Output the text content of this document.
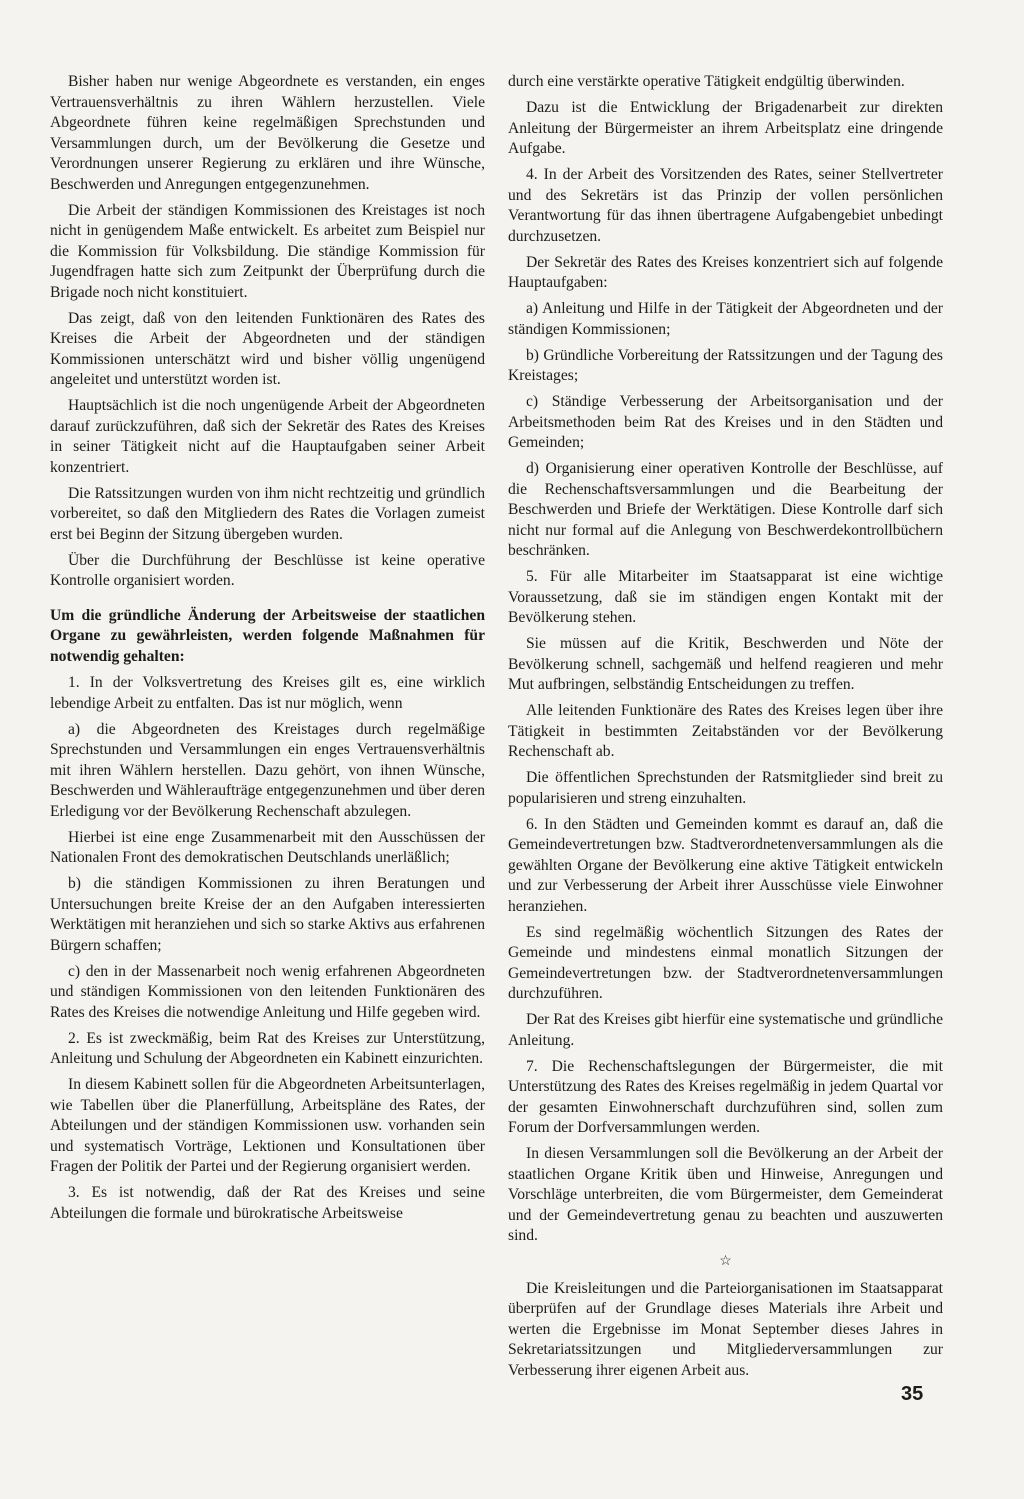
Bisher haben nur wenige Abgeordnete es verstanden, ein enges Vertrauensverhältnis zu ihren Wählern herzustellen. Viele Abgeordnete führen keine regelmäßigen Sprechstunden und Versammlungen durch, um der Bevölkerung die Gesetze und Verordnungen unserer Regierung zu erklären und ihre Wünsche, Beschwerden und Anregungen entgegenzunehmen.

Die Arbeit der ständigen Kommissionen des Kreistages ist noch nicht in genügendem Maße entwickelt. Es arbeitet zum Beispiel nur die Kommission für Volksbildung. Die ständige Kommission für Jugendfragen hatte sich zum Zeitpunkt der Überprüfung durch die Brigade noch nicht konstituiert.

Das zeigt, daß von den leitenden Funktionären des Rates des Kreises die Arbeit der Abgeordneten und der ständigen Kommissionen unterschätzt wird und bisher völlig ungenügend angeleitet und unterstützt worden ist.

Hauptsächlich ist die noch ungenügende Arbeit der Abgeordneten darauf zurückzuführen, daß sich der Sekretär des Rates des Kreises in seiner Tätigkeit nicht auf die Hauptaufgaben seiner Arbeit konzentriert.

Die Ratssitzungen wurden von ihm nicht rechtzeitig und gründlich vorbereitet, so daß den Mitgliedern des Rates die Vorlagen zumeist erst bei Beginn der Sitzung übergeben wurden.

Über die Durchführung der Beschlüsse ist keine operative Kontrolle organisiert worden.

Um die gründliche Änderung der Arbeitsweise der staatlichen Organe zu gewährleisten, werden folgende Maßnahmen für notwendig gehalten:

1. In der Volksvertretung des Kreises gilt es, eine wirklich lebendige Arbeit zu entfalten. Das ist nur möglich, wenn

a) die Abgeordneten des Kreistages durch regelmäßige Sprechstunden und Versammlungen ein enges Vertrauensverhältnis mit ihren Wählern herstellen. Dazu gehört, von ihnen Wünsche, Beschwerden und Wähleraufträge entgegenzunehmen und über deren Erledigung vor der Bevölkerung Rechenschaft abzulegen.

Hierbei ist eine enge Zusammenarbeit mit den Ausschüssen der Nationalen Front des demokratischen Deutschlands unerläßlich;

b) die ständigen Kommissionen zu ihren Beratungen und Untersuchungen breite Kreise der an den Aufgaben interessierten Werktätigen mit heranziehen und sich so starke Aktivs aus erfahrenen Bürgern schaffen;

c) den in der Massenarbeit noch wenig erfahrenen Abgeordneten und ständigen Kommissionen von den leitenden Funktionären des Rates des Kreises die notwendige Anleitung und Hilfe gegeben wird.

2. Es ist zweckmäßig, beim Rat des Kreises zur Unterstützung, Anleitung und Schulung der Abgeordneten ein Kabinett einzurichten.

In diesem Kabinett sollen für die Abgeordneten Arbeitsunterlagen, wie Tabellen über die Planerfüllung, Arbeitspläne des Rates, der Abteilungen und der ständigen Kommissionen usw. vorhanden sein und systematisch Vorträge, Lektionen und Konsultationen über Fragen der Politik der Partei und der Regierung organisiert werden.

3. Es ist notwendig, daß der Rat des Kreises und seine Abteilungen die formale und bürokratische Arbeitsweise

durch eine verstärkte operative Tätigkeit endgültig überwinden.

Dazu ist die Entwicklung der Brigadenarbeit zur direkten Anleitung der Bürgermeister an ihrem Arbeitsplatz eine dringende Aufgabe.

4. In der Arbeit des Vorsitzenden des Rates, seiner Stellvertreter und des Sekretärs ist das Prinzip der vollen persönlichen Verantwortung für das ihnen übertragene Aufgabengebiet unbedingt durchzusetzen.

Der Sekretär des Rates des Kreises konzentriert sich auf folgende Hauptaufgaben:

a) Anleitung und Hilfe in der Tätigkeit der Abgeordneten und der ständigen Kommissionen;

b) Gründliche Vorbereitung der Ratssitzungen und der Tagung des Kreistages;

c) Ständige Verbesserung der Arbeitsorganisation und der Arbeitsmethoden beim Rat des Kreises und in den Städten und Gemeinden;

d) Organisierung einer operativen Kontrolle der Beschlüsse, auf die Rechenschaftsversammlungen und die Bearbeitung der Beschwerden und Briefe der Werktätigen. Diese Kontrolle darf sich nicht nur formal auf die Anlegung von Beschwerdekontrollbüchern beschränken.

5. Für alle Mitarbeiter im Staatsapparat ist eine wichtige Voraussetzung, daß sie im ständigen engen Kontakt mit der Bevölkerung stehen.

Sie müssen auf die Kritik, Beschwerden und Nöte der Bevölkerung schnell, sachgemäß und helfend reagieren und mehr Mut aufbringen, selbständig Entscheidungen zu treffen.

Alle leitenden Funktionäre des Rates des Kreises legen über ihre Tätigkeit in bestimmten Zeitabständen vor der Bevölkerung Rechenschaft ab.

Die öffentlichen Sprechstunden der Ratsmitglieder sind breit zu popularisieren und streng einzuhalten.

6. In den Städten und Gemeinden kommt es darauf an, daß die Gemeindevertretungen bzw. Stadtverordnetenversammlungen als die gewählten Organe der Bevölkerung eine aktive Tätigkeit entwickeln und zur Verbesserung der Arbeit ihrer Ausschüsse viele Einwohner heranziehen.

Es sind regelmäßig wöchentlich Sitzungen des Rates der Gemeinde und mindestens einmal monatlich Sitzungen der Gemeindevertretungen bzw. der Stadtverordnetenversammlungen durchzuführen.

Der Rat des Kreises gibt hierfür eine systematische und gründliche Anleitung.

7. Die Rechenschaftslegungen der Bürgermeister, die mit Unterstützung des Rates des Kreises regelmäßig in jedem Quartal vor der gesamten Einwohnerschaft durchzuführen sind, sollen zum Forum der Dorfversammlungen werden.

In diesen Versammlungen soll die Bevölkerung an der Arbeit der staatlichen Organe Kritik üben und Hinweise, Anregungen und Vorschläge unterbreiten, die vom Bürgermeister, dem Gemeinderat und der Gemeindevertretung genau zu beachten und auszuwerten sind.

☆

Die Kreisleitungen und die Parteiorganisationen im Staatsapparat überprüfen auf der Grundlage dieses Materials ihre Arbeit und werten die Ergebnisse im Monat September dieses Jahres in Sekretariatssitzungen und Mitgliederversammlungen zur Verbesserung ihrer eigenen Arbeit aus.

35
